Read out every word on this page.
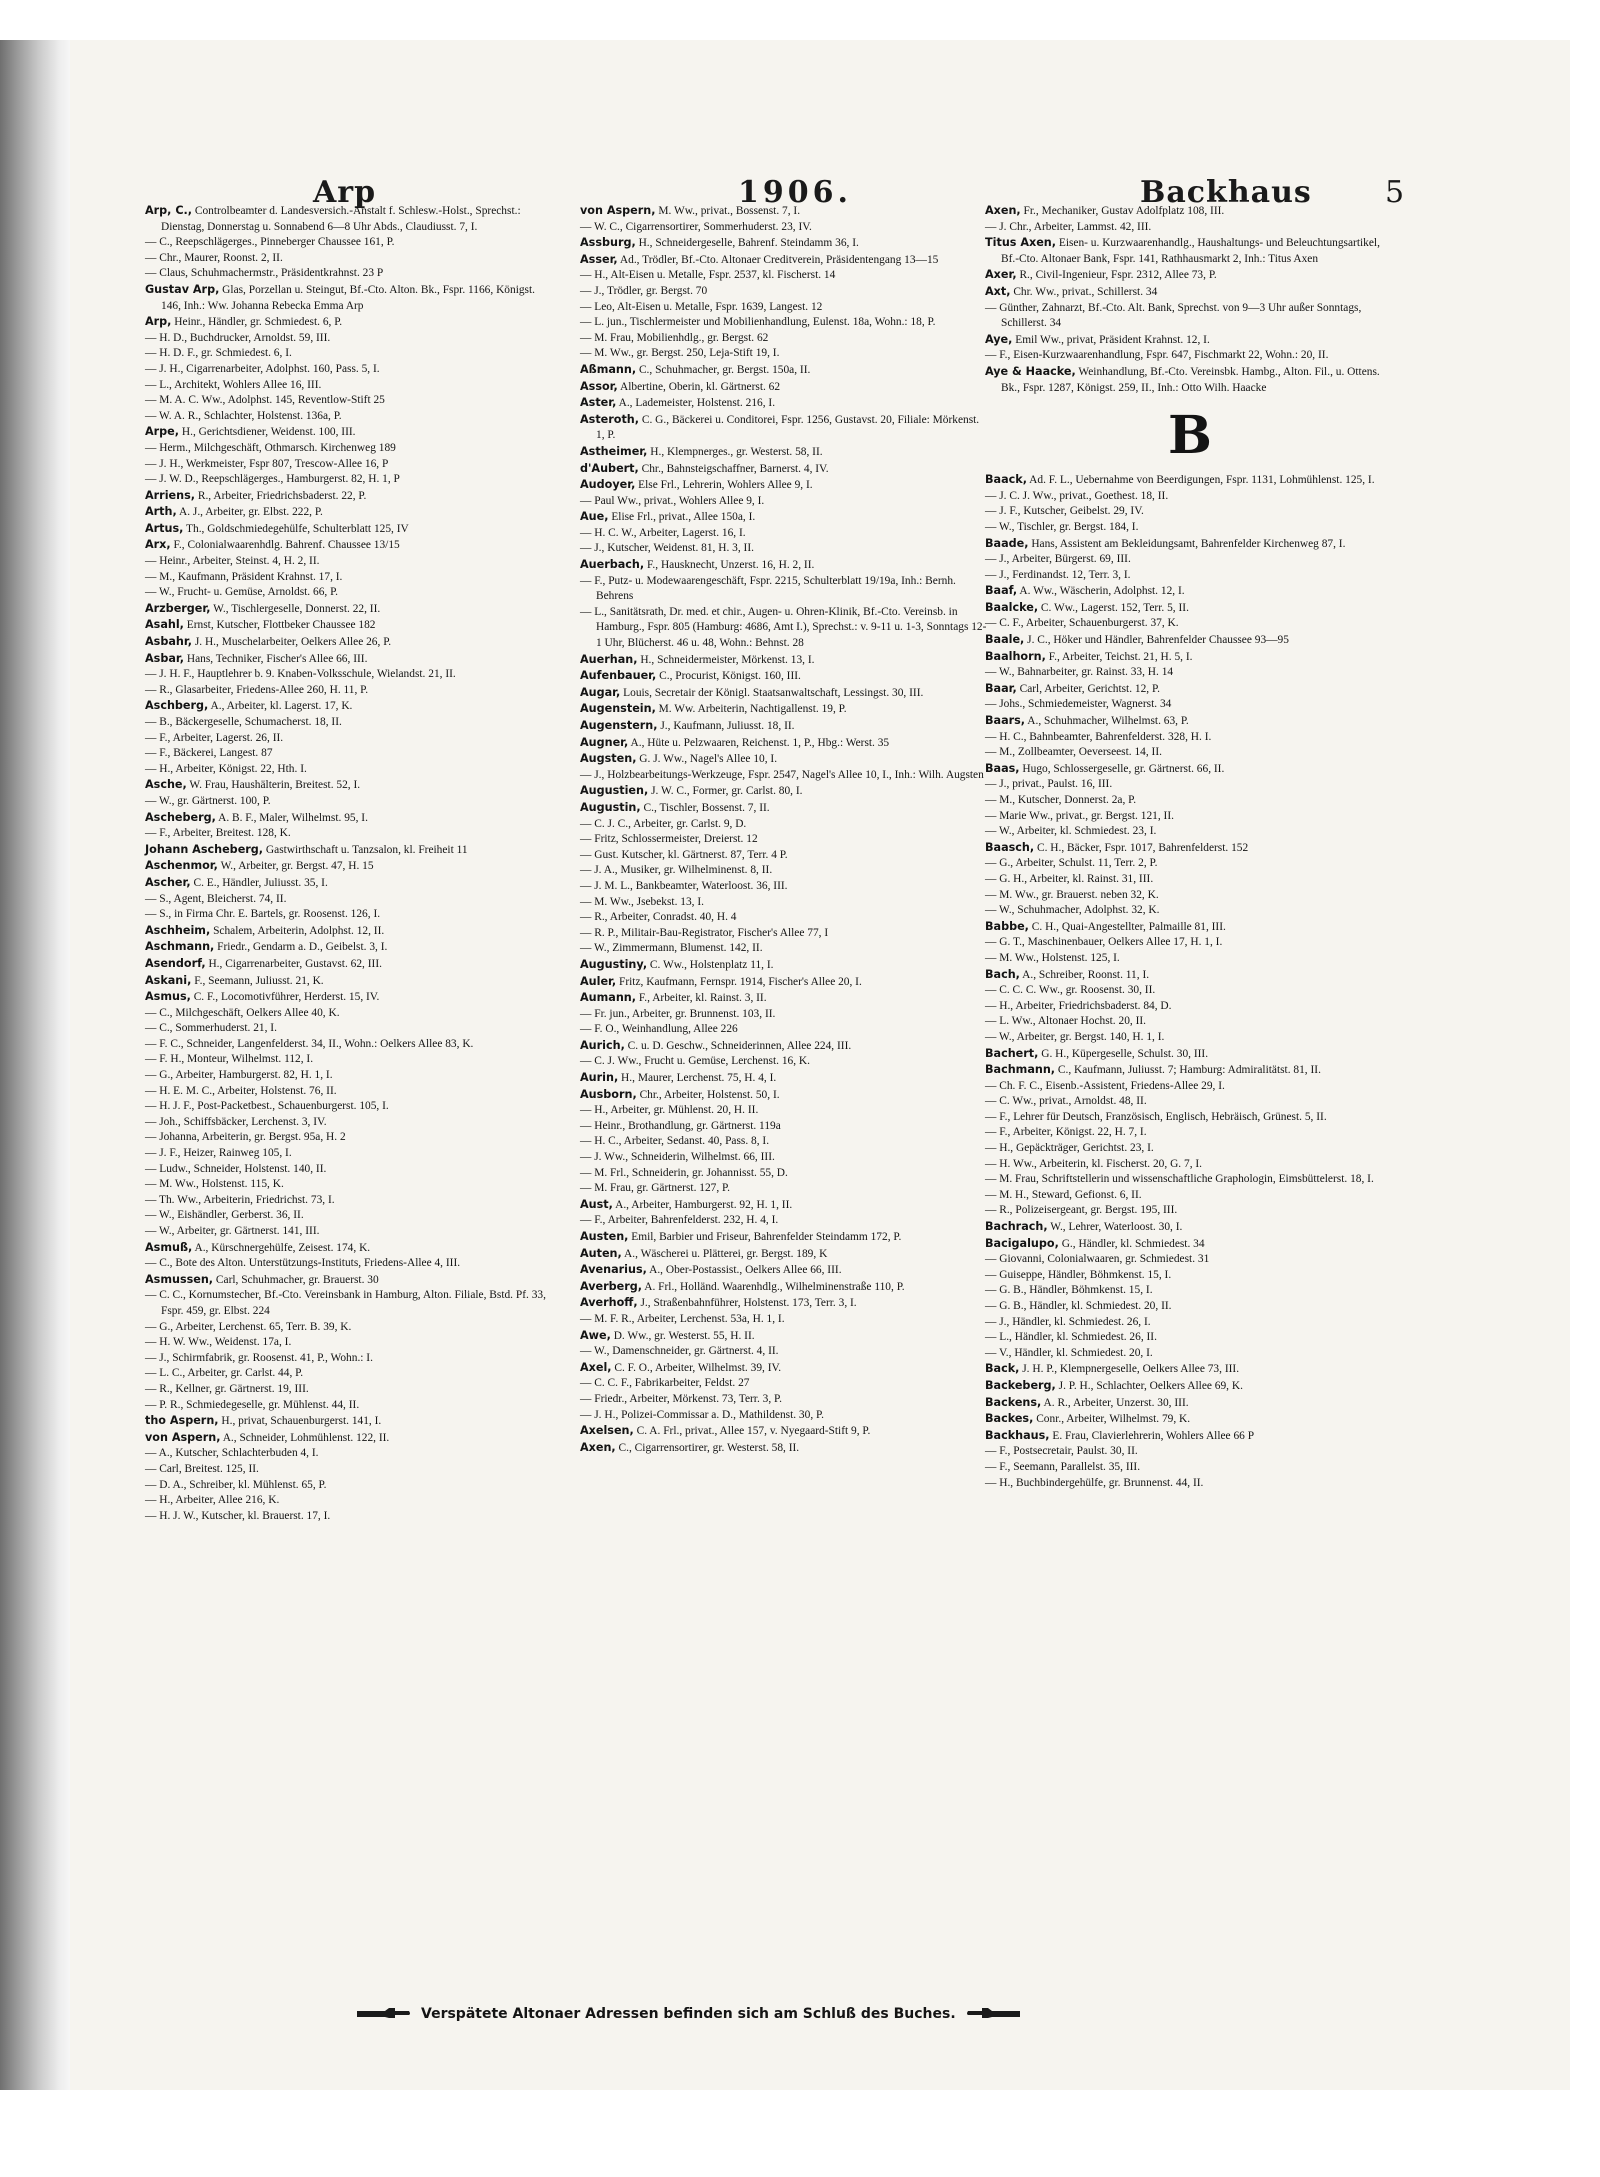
Arp	1906.	Backhaus 5
Arp, C., Controlbeamter d. Landesversich.-Anstalt f. Schlesw.-Holst., Sprechst.: Dienstag, Donnerstag u. Sonnabend 6—8 Uhr Abds., Claudiusst. 7, I.
— C., Reepschlägerges., Pinneberger Chaussee 161, P.
— Chr., Maurer, Roonst. 2, II.
— Claus, Schuhmachermstr., Präsidentkrahnst. 23 P
Gustav Arp, Glas, Porzellan u. Steingut, Bf.-Cto. Alton. Bk., Fspr. 1166, Königst. 146, Inh.: Ww. Johanna Rebecka Emma Arp
Arp, Heinr., Händler, gr. Schmiedest. 6, P.
— H. D., Buchdrucker, Arnoldst. 59, III.
— H. D. F., gr. Schmiedest. 6, I.
— J. H., Cigarrenarbeiter, Adolphst. 160, Pass. 5, I.
— L., Architekt, Wohlers Allee 16, III.
— M. A. C. Ww., Adolphst. 145, Reventlow-Stift 25
— W. A. R., Schlachter, Holstenst. 136a, P.
Arpe, H., Gerichtsdiener, Weidenst. 100, III.
— Herm., Milchgeschäft, Othmarsch. Kirchenweg 189
— J. H., Werkmeister, Fspr 807, Trescow-Allee 16, P
— J. W. D., Reepschlägerges., Hamburgerst. 82, H. 1, P
Arriens, R., Arbeiter, Friedrichsbaderst. 22, P.
Arth, A. J., Arbeiter, gr. Elbst. 222, P.
Artus, Th., Goldschmiedegehülfe, Schulterblatt 125, IV
Arx, F., Colonialwaarenhdlg. Bahrenf. Chaussee 13/15
— Heinr., Arbeiter, Steinst. 4, H. 2, II.
— M., Kaufmann, Präsident Krahnst. 17, I.
— W., Frucht- u. Gemüse, Arnoldst. 66, P.
Arzberger, W., Tischlergeselle, Donnerst. 22, II.
Asahl, Ernst, Kutscher, Flottbeker Chaussee 182
Asbahr, J. H., Muschelarbeiter, Oelkers Allee 26, P.
Asbar, Hans, Techniker, Fischer's Allee 66, III.
— J. H. F., Hauptlehrer b. 9. Knaben-Volksschule, Wielandst. 21, II.
— R., Glasarbeiter, Friedens-Allee 260, H. 11, P.
Aschberg, A., Arbeiter, kl. Lagerst. 17, K.
— B., Bäckergeselle, Schumacherst. 18, II.
— F., Arbeiter, Lagerst. 26, II.
— F., Bäckerei, Langest. 87
— H., Arbeiter, Königst. 22, Hth. I.
Asche, W. Frau, Haushälterin, Breitest. 52, I.
— W., gr. Gärtnerst. 100, P.
Ascheberg, A. B. F., Maler, Wilhelmst. 95, I.
— F., Arbeiter, Breitest. 128, K.
Johann Ascheberg, Gastwirthschaft u. Tanzsalon, kl. Freiheit 11
Aschenmor, W., Arbeiter, gr. Bergst. 47, H. 15
Ascher, C. E., Händler, Juliusst. 35, I.
— S., Agent, Bleicherst. 74, II.
— S., in Firma Chr. E. Bartels, gr. Roosenst. 126, I.
Aschheim, Schalem, Arbeiterin, Adolphst. 12, II.
Aschmann, Friedr., Gendarm a. D., Geibelst. 3, I.
Asendorf, H., Cigarrenarbeiter, Gustavst. 62, III.
Askani, F., Seemann, Juliusst. 21, K.
Asmus, C. F., Locomotivführer, Herderst. 15, IV.
— C., Milchgeschäft, Oelkers Allee 40, K.
— C., Sommerhuderst. 21, I.
— F. C., Schneider, Langenfelderst. 34, II., Wohn.: Oelkers Allee 83, K.
— F. H., Monteur, Wilhelmst. 112, I.
— G., Arbeiter, Hamburgerst. 82, H. 1, I.
— H. E. M. C., Arbeiter, Holstenst. 76, II.
— H. J. F., Post-Packetbest., Schauenburgerst. 105, I.
— Joh., Schiffsbäcker, Lerchenst. 3, IV.
— Johanna, Arbeiterin, gr. Bergst. 95a, H. 2
— J. F., Heizer, Rainweg 105, I.
— Ludw., Schneider, Holstenst. 140, II.
— M. Ww., Holstenst. 115, K.
— Th. Ww., Arbeiterin, Friedrichst. 73, I.
— W., Eishändler, Gerberst. 36, II.
— W., Arbeiter, gr. Gärtnerst. 141, III.
Asmuß, A., Kürschnergehülfe, Zeisest. 174, K.
— C., Bote des Alton. Unterstützungs-Instituts, Friedens-Allee 4, III.
Asmussen, Carl, Schuhmacher, gr. Brauerst. 30
— C. C., Kornumstecher, Bf.-Cto. Vereinsbank in Hamburg, Alton. Filiale, Bstd. Pf. 33, Fspr. 459, gr. Elbst. 224
— G., Arbeiter, Lerchenst. 65, Terr. B. 39, K.
— H. W. Ww., Weidenst. 17a, I.
— J., Schirmfabrik, gr. Roosenst. 41, P., Wohn.: I.
— L. C., Arbeiter, gr. Carlst. 44, P.
— R., Kellner, gr. Gärtnerst. 19, III.
— P. R., Schmiedegeselle, gr. Mühlenst. 44, II.
tho Aspern, H., privat, Schauenburgerst. 141, I.
von Aspern, A., Schneider, Lohmühlenst. 122, II.
— A., Kutscher, Schlachterbuden 4, I.
— Carl, Breitest. 125, II.
— D. A., Schreiber, kl. Mühlenst. 65, P.
— H., Arbeiter, Allee 216, K.
— H. J. W., Kutscher, kl. Brauerst. 17, I.
von Aspern, M. Ww., privat., Bossenst. 7, I.
— W. C., Cigarrensortirer, Sommerhuderst. 23, IV.
Assburg, H., Schneidergeselle, Bahrenf. Steindamm 36, I.
Asser, Ad., Trödler, Bf.-Cto. Altonaer Creditverein, Präsidentengang 13—15
— H., Alt-Eisen u. Metalle, Fspr. 2537, kl. Fischerst. 14
— J., Trödler, gr. Bergst. 70
— Leo, Alt-Eisen u. Metalle, Fspr. 1639, Langest. 12
— L. jun., Tischlermeister und Mobilienhandlung, Eulenst. 18a, Wohn.: 18, P.
— M. Frau, Mobilienhdlg., gr. Bergst. 62
— M. Ww., gr. Bergst. 250, Leja-Stift 19, I.
Aßmann, C., Schuhmacher, gr. Bergst. 150a, II.
Assor, Albertine, Oberin, kl. Gärtnerst. 62
Aster, A., Lademeister, Holstenst. 216, I.
Asteroth, C. G., Bäckerei u. Conditorei, Fspr. 1256, Gustavst. 20, Filiale: Mörkenst. 1, P.
Astheimer, H., Klempnerges., gr. Westerst. 58, II.
d'Aubert, Chr., Bahnsteigschaffner, Barnerst. 4, IV.
Audoyer, Else Frl., Lehrerin, Wohlers Allee 9, I.
— Paul Ww., privat., Wohlers Allee 9, I.
Aue, Elise Frl., privat., Allee 150a, I.
— H. C. W., Arbeiter, Lagerst. 16, I.
— J., Kutscher, Weidenst. 81, H. 3, II.
Auerbach, F., Hausknecht, Unzerst. 16, H. 2, II.
— F., Putz- u. Modewaarengeschäft, Fspr. 2215, Schulterblatt 19/19a, Inh.: Bernh. Behrens
— L., Sanitätsrath, Dr. med. et chir., Augen- u. Ohren-Klinik, Bf.-Cto. Vereinsb. in Hamburg., Fspr. 805 (Hamburg: 4686, Amt I.), Sprechst.: v. 9-11 u. 1-3, Sonntags 12-1 Uhr, Blücherst. 46 u. 48, Wohn.: Behnst. 28
Auerhan, H., Schneidermeister, Mörkenst. 13, I.
Aufenbauer, C., Procurist, Königst. 160, III.
Augar, Louis, Secretair der Königl. Staatsanwaltschaft, Lessingst. 30, III.
Augenstein, M. Ww. Arbeiterin, Nachtigallenst. 19, P.
Augenstern, J., Kaufmann, Juliusst. 18, II.
Augner, A., Hüte u. Pelzwaaren, Reichenst. 1, P., Hbg.: Werst. 35
Augsten, G. J. Ww., Nagel's Allee 10, I.
— J., Holzbearbeitungs-Werkzeuge, Fspr. 2547, Nagel's Allee 10, I., Inh.: Wilh. Augsten
Augustien, J. W. C., Former, gr. Carlst. 80, I.
Augustin, C., Tischler, Bossenst. 7, II.
— C. J. C., Arbeiter, gr. Carlst. 9, D.
— Fritz, Schlossermeister, Dreierst. 12
— Gust. Kutscher, kl. Gärtnerst. 87, Terr. 4 P.
— J. A., Musiker, gr. Wilhelminenst. 8, II.
— J. M. L., Bankbeamter, Waterloost. 36, III.
— M. Ww., Jsebekst. 13, I.
— R., Arbeiter, Conradst. 40, H. 4
— R. P., Militair-Bau-Registrator, Fischer's Allee 77, I
— W., Zimmermann, Blumenst. 142, II.
Augustiny, C. Ww., Holstenplatz 11, I.
Auler, Fritz, Kaufmann, Fernspr. 1914, Fischer's Allee 20, I.
Aumann, F., Arbeiter, kl. Rainst. 3, II.
— Fr. jun., Arbeiter, gr. Brunnenst. 103, II.
— F. O., Weinhandlung, Allee 226
Aurich, C. u. D. Geschw., Schneiderinnen, Allee 224, III.
— C. J. Ww., Frucht u. Gemüse, Lerchenst. 16, K.
Aurin, H., Maurer, Lerchenst. 75, H. 4, I.
Ausborn, Chr., Arbeiter, Holstenst. 50, I.
— H., Arbeiter, gr. Mühlenst. 20, H. II.
— Heinr., Brothandlung, gr. Gärtnerst. 119a
— H. C., Arbeiter, Sedanst. 40, Pass. 8, I.
— J. Ww., Schneiderin, Wilhelmst. 66, III.
— M. Frl., Schneiderin, gr. Johannisst. 55, D.
— M. Frau, gr. Gärtnerst. 127, P.
Aust, A., Arbeiter, Hamburgerst. 92, H. 1, II.
— F., Arbeiter, Bahrenfelderst. 232, H. 4, I.
Austen, Emil, Barbier und Friseur, Bahrenfelder Steindamm 172, P.
Auten, A., Wäscherei u. Plätterei, gr. Bergst. 189, K
Avenarius, A., Ober-Postassist., Oelkers Allee 66, III.
Averberg, A. Frl., Holländ. Waarenhdlg., Wilhelminenstraße 110, P.
Averhoff, J., Straßenbahnführer, Holstenst. 173, Terr. 3, I.
— M. F. R., Arbeiter, Lerchenst. 53a, H. 1, I.
Awe, D. Ww., gr. Westerst. 55, H. II.
— W., Damenschneider, gr. Gärtnerst. 4, II.
Axel, C. F. O., Arbeiter, Wilhelmst. 39, IV.
— C. C. F., Fabrikarbeiter, Feldst. 27
— Friedr., Arbeiter, Mörkenst. 73, Terr. 3, P.
— J. H., Polizei-Commissar a. D., Mathildenst. 30, P.
Axelsen, C. A. Frl., privat., Allee 157, v. Nyegaard-Stift 9, P.
Axen, C., Cigarrensortirer, gr. Westerst. 58, II.
Axen, Fr., Mechaniker, Gustav Adolfplatz 108, III.
— J. Chr., Arbeiter, Lammst. 42, III.
Titus Axen, Eisen- u. Kurzwaarenhandlg., Haushaltungs- und Beleuchtungsartikel, Bf.-Cto. Altonaer Bank, Fspr. 141, Rathhausmarkt 2, Inh.: Titus Axen
Axer, R., Civil-Ingenieur, Fspr. 2312, Allee 73, P.
Axt, Chr. Ww., privat., Schillerst. 34
— Günther, Zahnarzt, Bf.-Cto. Alt. Bank, Sprechst. von 9—3 Uhr außer Sonntags, Schillerst. 34
Aye, Emil Ww., privat, Präsident Krahnst. 12, I.
— F., Eisen-Kurzwaarenhandlung, Fspr. 647, Fischmarkt 22, Wohn.: 20, II.
Aye & Haacke, Weinhandlung, Bf.-Cto. Vereinsbk. Hambg., Alton. Fil., u. Ottens. Bk., Fspr. 1287, Königst. 259, II., Inh.: Otto Wilh. Haacke
B
Baack, Ad. F. L., Uebernahme von Beerdigungen, Fspr. 1131, Lohmühlenst. 125, I.
— J. C. J. Ww., privat., Goethest. 18, II.
— J. F., Kutscher, Geibelst. 29, IV.
— W., Tischler, gr. Bergst. 184, I.
Baade, Hans, Assistent am Bekleidungsamt, Bahrenfelder Kirchenweg 87, I.
— J., Arbeiter, Bürgerst. 69, III.
— J., Ferdinandst. 12, Terr. 3, I.
Baaf, A. Ww., Wäscherin, Adolphst. 12, I.
Baalcke, C. Ww., Lagerst. 152, Terr. 5, II.
— C. F., Arbeiter, Schauenburgerst. 37, K.
Baale, J. C., Höker und Händler, Bahrenfelder Chaussee 93—95
Baalhorn, F., Arbeiter, Teichst. 21, H. 5, I.
— W., Bahnarbeiter, gr. Rainst. 33, H. 14
Baar, Carl, Arbeiter, Gerichtst. 12, P.
— Johs., Schmiedemeister, Wagnerst. 34
Baars, A., Schuhmacher, Wilhelmst. 63, P.
— H. C., Bahnbeamter, Bahrenfelderst. 328, H. I.
— M., Zollbeamter, Oeverseest. 14, II.
Baas, Hugo, Schlossergeselle, gr. Gärtnerst. 66, II.
— J., privat., Paulst. 16, III.
— M., Kutscher, Donnerst. 2a, P.
— Marie Ww., privat., gr. Bergst. 121, II.
— W., Arbeiter, kl. Schmiedest. 23, I.
Baasch, C. H., Bäcker, Fspr. 1017, Bahrenfelderst. 152
— G., Arbeiter, Schulst. 11, Terr. 2, P.
— G. H., Arbeiter, kl. Rainst. 31, III.
— M. Ww., gr. Brauerst. neben 32, K.
— W., Schuhmacher, Adolphst. 32, K.
Babbe, C. H., Quai-Angestellter, Palmaille 81, III.
— G. T., Maschinenbauer, Oelkers Allee 17, H. 1, I.
— M. Ww., Holstenst. 125, I.
Bach, A., Schreiber, Roonst. 11, I.
— C. C. C. Ww., gr. Roosenst. 30, II.
— H., Arbeiter, Friedrichsbaderst. 84, D.
— L. Ww., Altonaer Hochst. 20, II.
— W., Arbeiter, gr. Bergst. 140, H. 1, I.
Bachert, G. H., Küpergeselle, Schulst. 30, III.
Bachmann, C., Kaufmann, Juliusst. 7; Hamburg: Admiralitätst. 81, II.
— Ch. F. C., Eisenb.-Assistent, Friedens-Allee 29, I.
— C. Ww., privat., Arnoldst. 48, II.
— F., Lehrer für Deutsch, Französisch, Englisch, Hebräisch, Grünest. 5, II.
— F., Arbeiter, Königst. 22, H. 7, I.
— H., Gepäckträger, Gerichtst. 23, I.
— H. Ww., Arbeiterin, kl. Fischerst. 20, G. 7, I.
— M. Frau, Schriftstellerin und wissenschaftliche Graphologin, Eimsbüttelerst. 18, I.
— M. H., Steward, Gefionst. 6, II.
— R., Polizeisergeant, gr. Bergst. 195, III.
Bachrach, W., Lehrer, Waterloost. 30, I.
Bacigalupo, G., Händler, kl. Schmiedest. 34
— Giovanni, Colonialwaaren, gr. Schmiedest. 31
— Guiseppe, Händler, Böhmkenst. 15, I.
— G. B., Händler, Böhmkenst. 15, I.
— G. B., Händler, kl. Schmiedest. 20, II.
— J., Händler, kl. Schmiedest. 26, I.
— L., Händler, kl. Schmiedest. 26, II.
— V., Händler, kl. Schmiedest. 20, I.
Back, J. H. P., Klempnergeselle, Oelkers Allee 73, III.
Backeberg, J. P. H., Schlachter, Oelkers Allee 69, K.
Backens, A. R., Arbeiter, Unzerst. 30, III.
Backes, Conr., Arbeiter, Wilhelmst. 79, K.
Backhaus, E. Frau, Clavierlehrerin, Wohlers Allee 66 P
— F., Postsecretair, Paulst. 30, II.
— F., Seemann, Parallelst. 35, III.
— H., Buchbindergehülfe, gr. Brunnenst. 44, II.
Verspätete Altonaer Adressen befinden sich am Schluß des Buches.
